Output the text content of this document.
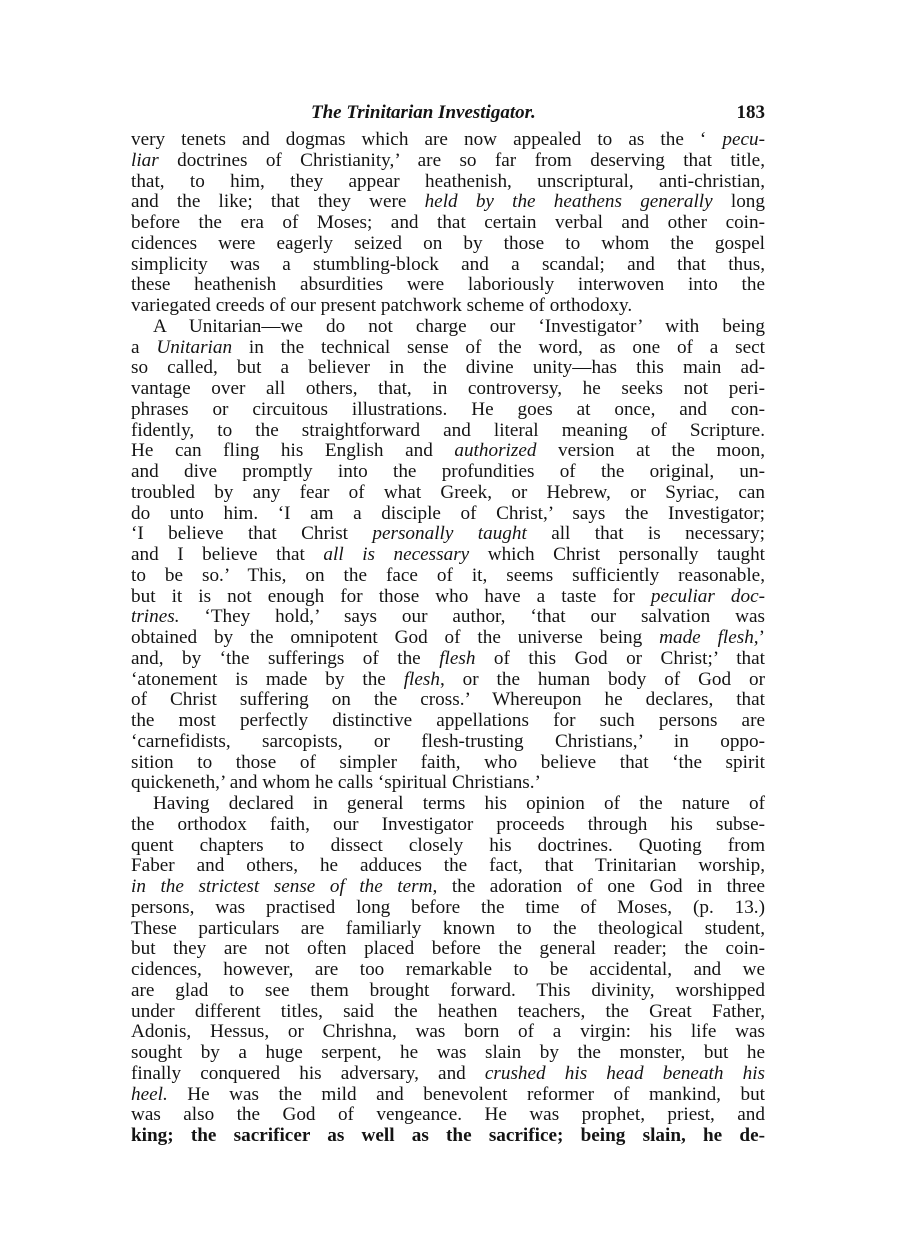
The Trinitarian Investigator.	183
very tenets and dogmas which are now appealed to as the ‘ pecu-
liar doctrines of Christianity,’ are so far from deserving that title,
that, to him, they appear heathenish, unscriptural, anti-christian,
and the like; that they were held by the heathens generally long
before the era of Moses; and that certain verbal and other coin-
cidences were eagerly seized on by those to whom the gospel
simplicity was a stumbling-block and a scandal; and that thus,
these heathenish absurdities were laboriously interwoven into the
variegated creeds of our present patchwork scheme of orthodoxy.
A Unitarian—we do not charge our ‘Investigator’ with being
a Unitarian in the technical sense of the word, as one of a sect
so called, but a believer in the divine unity—has this main ad-
vantage over all others, that, in controversy, he seeks not peri-
phrases or circuitous illustrations. He goes at once, and con-
fidently, to the straightforward and literal meaning of Scripture.
He can fling his English and authorized version at the moon,
and dive promptly into the profundities of the original, un-
troubled by any fear of what Greek, or Hebrew, or Syriac, can
do unto him. ‘I am a disciple of Christ,’ says the Investigator;
‘I believe that Christ personally taught all that is necessary;
and I believe that all is necessary which Christ personally taught
to be so.’ This, on the face of it, seems sufficiently reasonable,
but it is not enough for those who have a taste for peculiar doc-
trines. ‘They hold,’ says our author, ‘that our salvation was
obtained by the omnipotent God of the universe being made flesh,’
and, by ‘the sufferings of the flesh of this God or Christ;’ that
‘atonement is made by the flesh, or the human body of God or
of Christ suffering on the cross.’ Whereupon he declares, that
the most perfectly distinctive appellations for such persons are
‘carnefidists, sarcopists, or flesh-trusting Christians,’ in oppo-
sition to those of simpler faith, who believe that ‘the spirit
quickeneth,’ and whom he calls ‘spiritual Christians.’
Having declared in general terms his opinion of the nature of
the orthodox faith, our Investigator proceeds through his subse-
quent chapters to dissect closely his doctrines. Quoting from
Faber and others, he adduces the fact, that Trinitarian worship,
in the strictest sense of the term, the adoration of one God in three
persons, was practised long before the time of Moses, (p. 13.)
These particulars are familiarly known to the theological student,
but they are not often placed before the general reader; the coin-
cidences, however, are too remarkable to be accidental, and we
are glad to see them brought forward. This divinity, worshipped
under different titles, said the heathen teachers, the Great Father,
Adonis, Hessus, or Chrishna, was born of a virgin: his life was
sought by a huge serpent, he was slain by the monster, but he
finally conquered his adversary, and crushed his head beneath his
heel. He was the mild and benevolent reformer of mankind, but
was also the God of vengeance. He was prophet, priest, and
king; the sacrificer as well as the sacrifice; being slain, he de-
